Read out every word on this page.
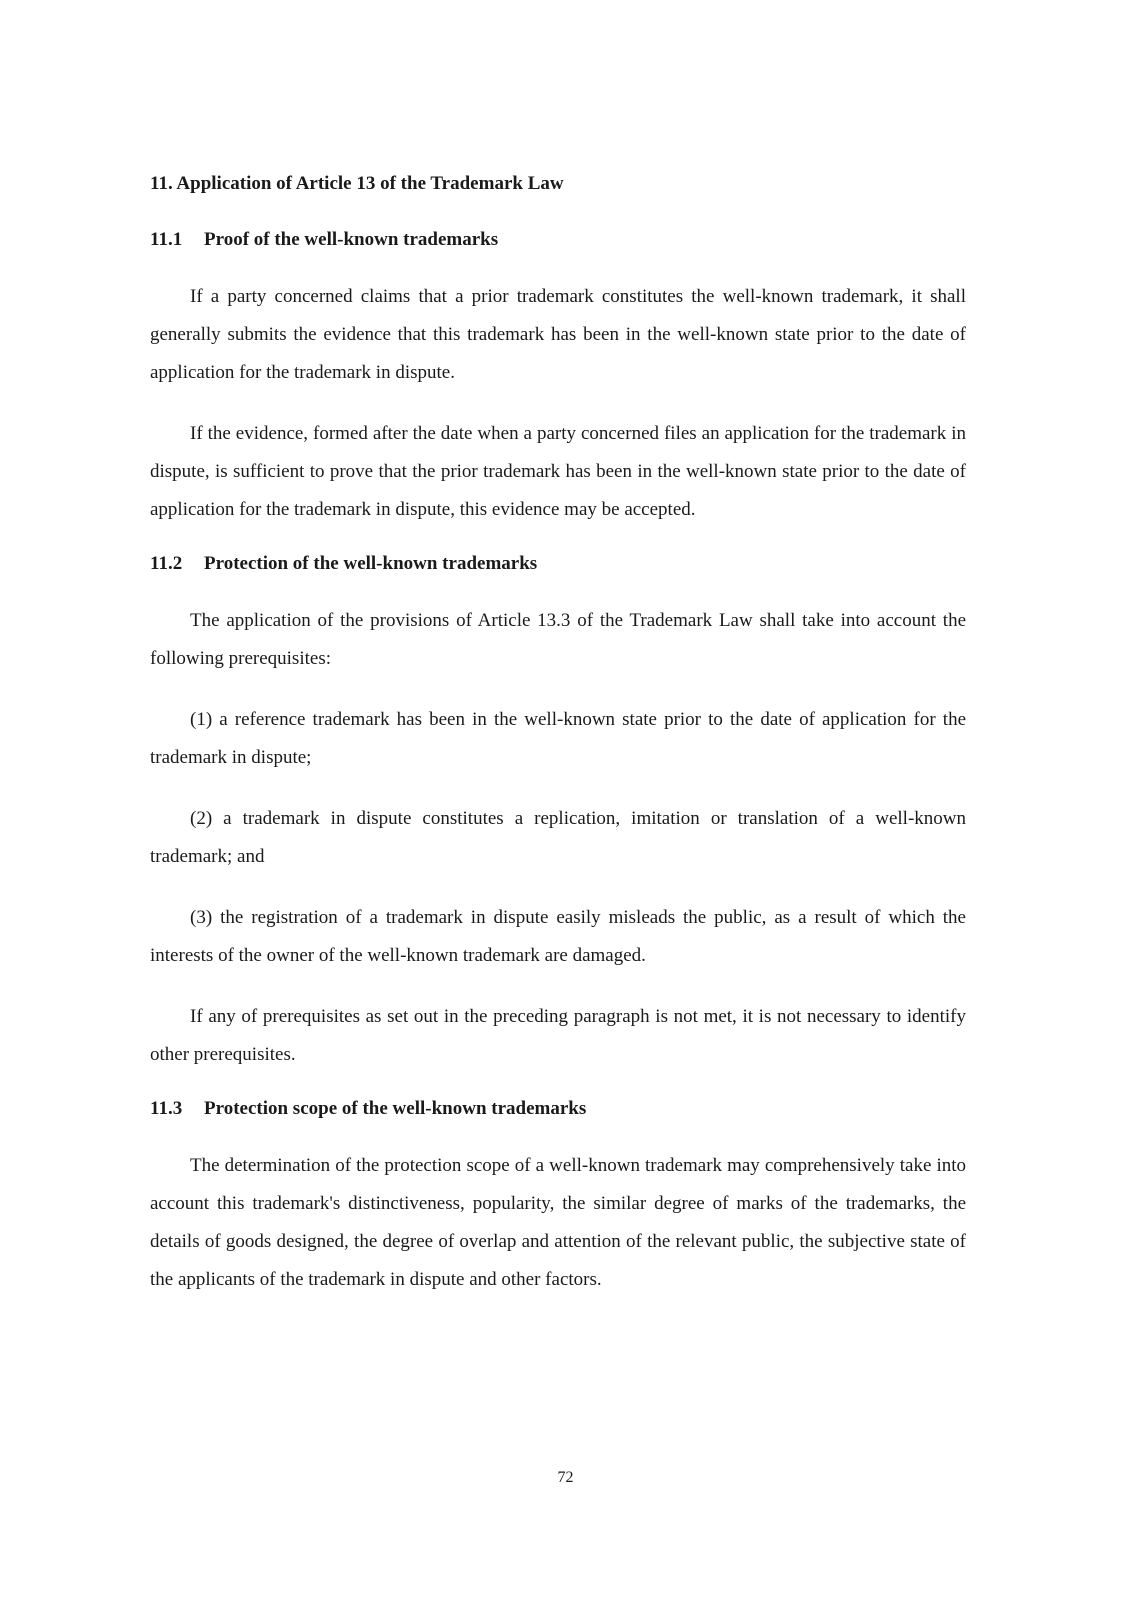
11. Application of Article 13 of the Trademark Law
11.1	Proof of the well-known trademarks

If a party concerned claims that a prior trademark constitutes the well-known trademark, it shall generally submits the evidence that this trademark has been in the well-known state prior to the date of application for the trademark in dispute.

If the evidence, formed after the date when a party concerned files an application for the trademark in dispute, is sufficient to prove that the prior trademark has been in the well-known state prior to the date of application for the trademark in dispute, this evidence may be accepted.

11.2	Protection of the well-known trademarks

The application of the provisions of Article 13.3 of the Trademark Law shall take into account the following prerequisites:

(1) a reference trademark has been in the well-known state prior to the date of application for the trademark in dispute;

(2) a trademark in dispute constitutes a replication, imitation or translation of a well-known trademark; and

(3) the registration of a trademark in dispute easily misleads the public, as a result of which the interests of the owner of the well-known trademark are damaged.

If any of prerequisites as set out in the preceding paragraph is not met, it is not necessary to identify other prerequisites.

11.3	Protection scope of the well-known trademarks

The determination of the protection scope of a well-known trademark may comprehensively take into account this trademark's distinctiveness, popularity, the similar degree of marks of the trademarks, the details of goods designed, the degree of overlap and attention of the relevant public, the subjective state of the applicants of the trademark in dispute and other factors.

72
